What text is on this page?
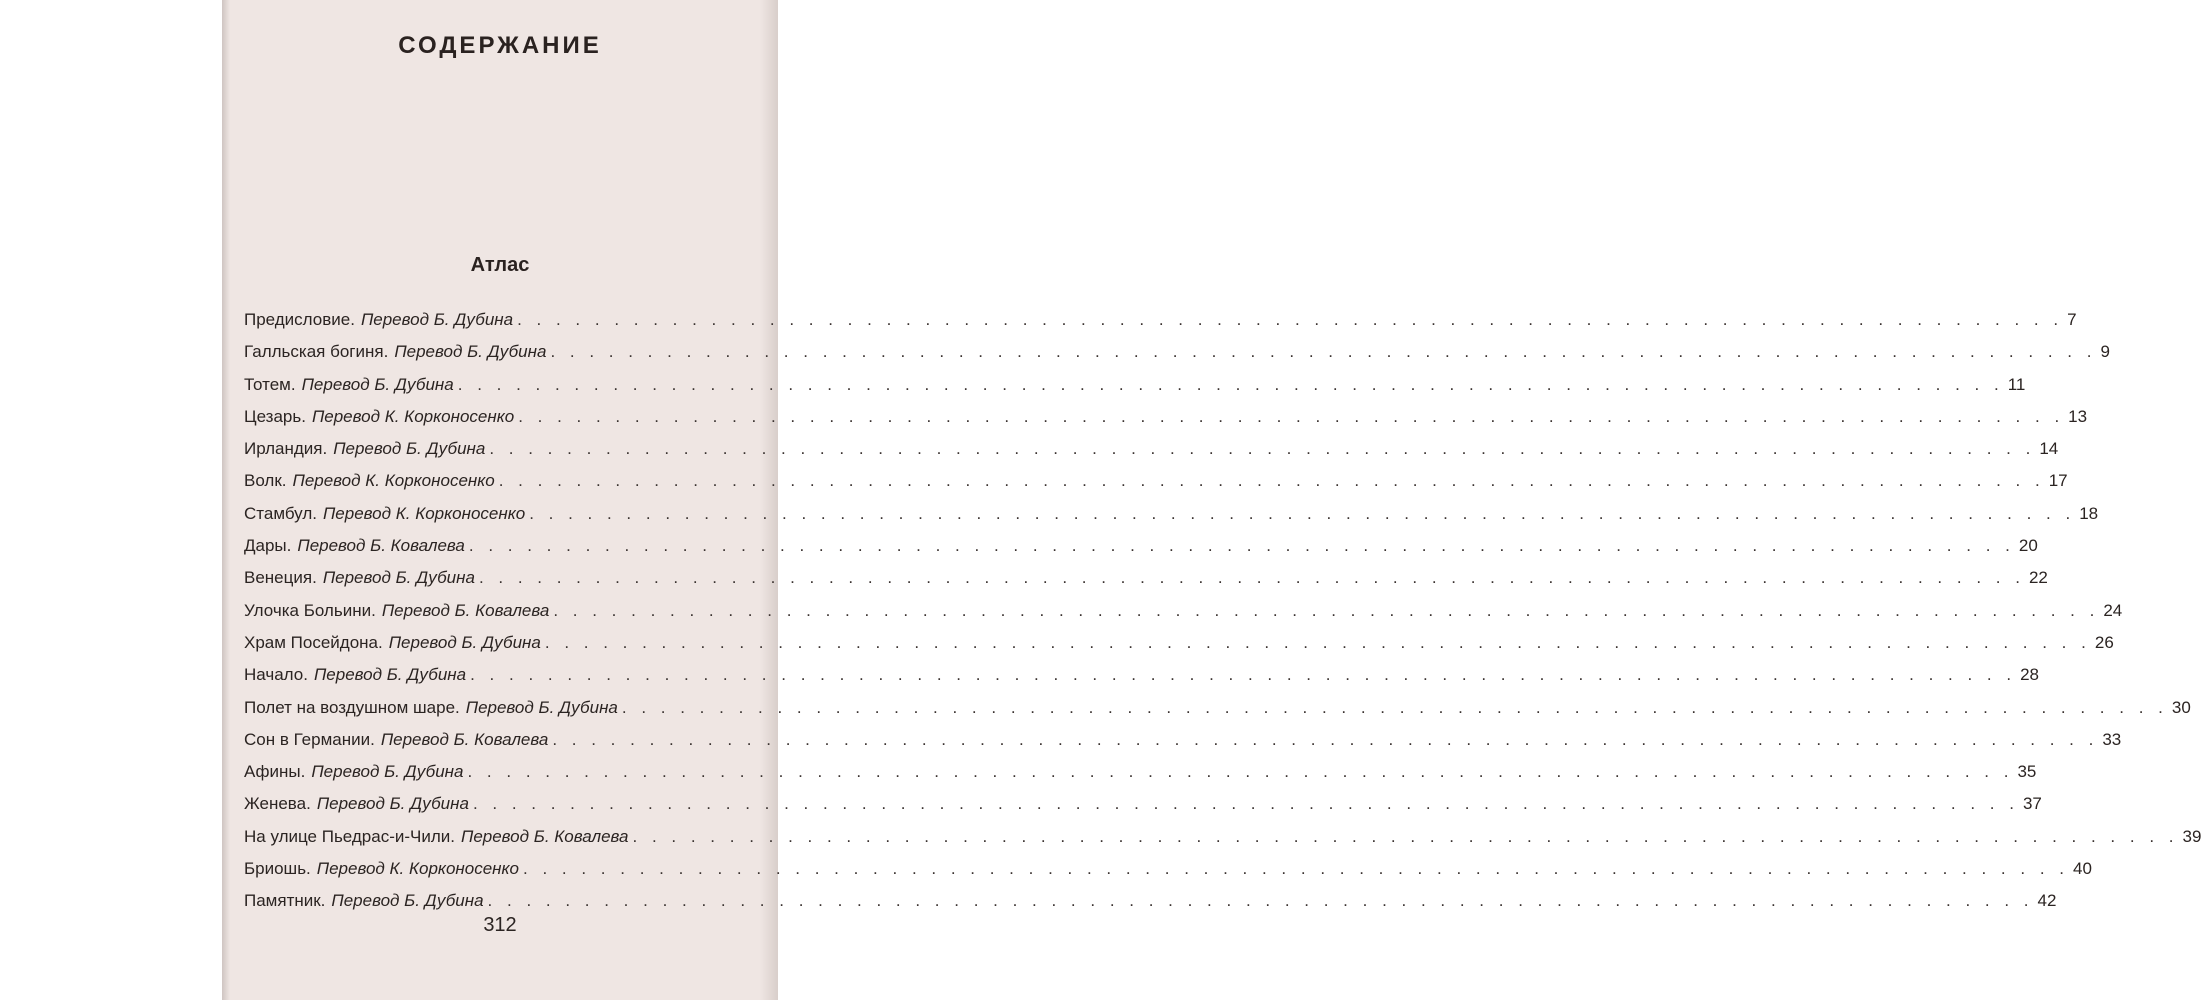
СОДЕРЖАНИЕ
Атлас
Предисловие. Перевод Б. Дубина . . . . . . . . . . . . . . . . . . . . . . . . . . . . . . . . . . . . . . . . . . . . . . . . . . . . . . . . . . . . . . . . . . . . . . . . . . . . . . . . 7
Галльская богиня. Перевод Б. Дубина . . . . . . . . . . . . . . . . . . . . . . . . . . . . . . . . . . . . . . . . . . . . . . . . . . . . . . . . . . . . . . . . . . . . . . . . . . . . . . . . 9
Тотем. Перевод Б. Дубина . . . . . . . . . . . . . . . . . . . . . . . . . . . . . . . . . . . . . . . . . . . . . . . . . . . . . . . . . . . . . . . . . . . . . . . . . . . . . . . . 11
Цезарь. Перевод К. Корконосенко . . . . . . . . . . . . . . . . . . . . . . . . . . . . . . . . . . . . . . . . . . . . . . . . . . . . . . . . . . . . . . . . . . . . . . . . . . . . . . . . 13
Ирландия. Перевод Б. Дубина . . . . . . . . . . . . . . . . . . . . . . . . . . . . . . . . . . . . . . . . . . . . . . . . . . . . . . . . . . . . . . . . . . . . . . . . . . . . . . . . 14
Волк. Перевод К. Корконосенко . . . . . . . . . . . . . . . . . . . . . . . . . . . . . . . . . . . . . . . . . . . . . . . . . . . . . . . . . . . . . . . . . . . . . . . . . . . . . . . . 17
Стамбул. Перевод К. Корконосенко . . . . . . . . . . . . . . . . . . . . . . . . . . . . . . . . . . . . . . . . . . . . . . . . . . . . . . . . . . . . . . . . . . . . . . . . . . . . . . . . 18
Дары. Перевод Б. Ковалева . . . . . . . . . . . . . . . . . . . . . . . . . . . . . . . . . . . . . . . . . . . . . . . . . . . . . . . . . . . . . . . . . . . . . . . . . . . . . . . . 20
Венеция. Перевод Б. Дубина . . . . . . . . . . . . . . . . . . . . . . . . . . . . . . . . . . . . . . . . . . . . . . . . . . . . . . . . . . . . . . . . . . . . . . . . . . . . . . . . 22
Улочка Больини. Перевод Б. Ковалева . . . . . . . . . . . . . . . . . . . . . . . . . . . . . . . . . . . . . . . . . . . . . . . . . . . . . . . . . . . . . . . . . . . . . . . . . . . . . . . . 24
Храм Посейдона. Перевод Б. Дубина . . . . . . . . . . . . . . . . . . . . . . . . . . . . . . . . . . . . . . . . . . . . . . . . . . . . . . . . . . . . . . . . . . . . . . . . . . . . . . . . 26
Начало. Перевод Б. Дубина . . . . . . . . . . . . . . . . . . . . . . . . . . . . . . . . . . . . . . . . . . . . . . . . . . . . . . . . . . . . . . . . . . . . . . . . . . . . . . . . 28
Полет на воздушном шаре. Перевод Б. Дубина . . . . . . . . . . . . . . . . . . . . . . . . . . . . . . . . . . . . . . . . . . . . . . . . . . . . . . . . . . . . . . . . . . . . . . . . . . . . . . . . 30
Сон в Германии. Перевод Б. Ковалева . . . . . . . . . . . . . . . . . . . . . . . . . . . . . . . . . . . . . . . . . . . . . . . . . . . . . . . . . . . . . . . . . . . . . . . . . . . . . . . . 33
Афины. Перевод Б. Дубина . . . . . . . . . . . . . . . . . . . . . . . . . . . . . . . . . . . . . . . . . . . . . . . . . . . . . . . . . . . . . . . . . . . . . . . . . . . . . . . . 35
Женева. Перевод Б. Дубина . . . . . . . . . . . . . . . . . . . . . . . . . . . . . . . . . . . . . . . . . . . . . . . . . . . . . . . . . . . . . . . . . . . . . . . . . . . . . . . . 37
На улице Пьедрас-и-Чили. Перевод Б. Ковалева . . . . . . . . . . . . . . . . . . . . . . . . . . . . . . . . . . . . . . . . . . . . . . . . . . . . . . . . . . . . . . . . . . . . . . . . . . . . . . . . 39
Бриошь. Перевод К. Корконосенко . . . . . . . . . . . . . . . . . . . . . . . . . . . . . . . . . . . . . . . . . . . . . . . . . . . . . . . . . . . . . . . . . . . . . . . . . . . . . . . . 40
Памятник. Перевод Б. Дубина . . . . . . . . . . . . . . . . . . . . . . . . . . . . . . . . . . . . . . . . . . . . . . . . . . . . . . . . . . . . . . . . . . . . . . . . . . . . . . . . 42
312
